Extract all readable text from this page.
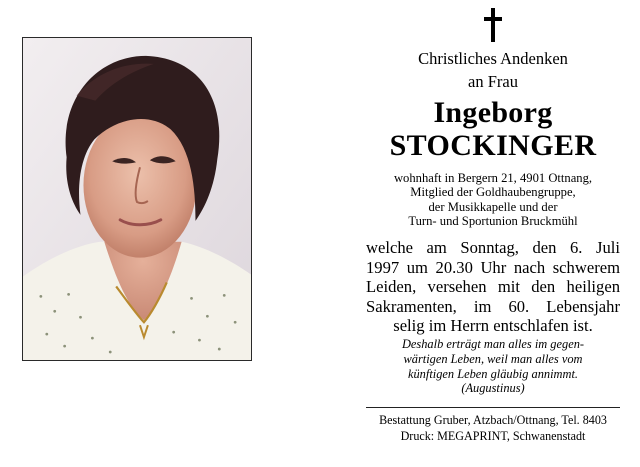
Christliches Andenken
an Frau
Ingeborg
STOCKINGER
wohnhaft in Bergern 21, 4901 Ottnang,
Mitglied der Goldhaubengruppe,
der Musikkapelle und der
Turn- und Sportunion Bruckmühl
welche am Sonntag, den 6. Juli
1997 um 20.30 Uhr nach schwerem
Leiden, versehen mit den heiligen
Sakramenten, im 60. Lebensjahr
selig im Herrn entschlafen ist.
Deshalb erträgt man alles im gegen-
wärtigen Leben, weil man alles vom
künftigen Leben gläubig annimmt.
(Augustinus)
Bestattung Gruber, Atzbach/Ottnang, Tel. 8403
Druck: MEGAPRINT, Schwanenstadt
